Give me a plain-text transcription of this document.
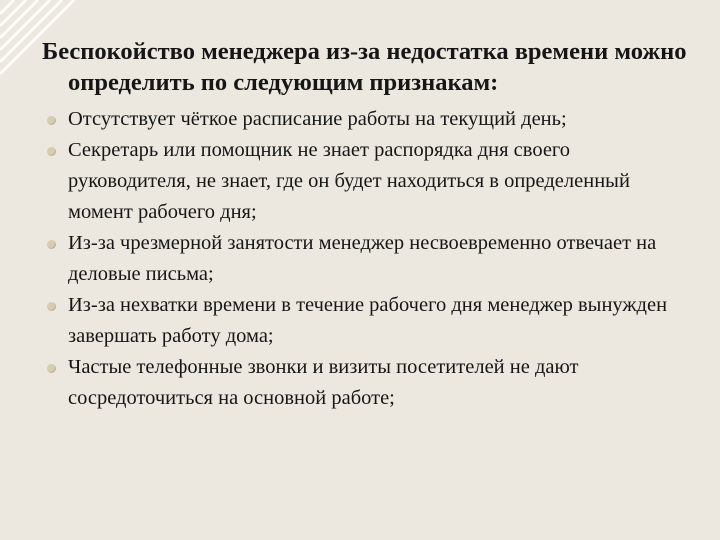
Беспокойство менеджера из-за недостатка времени можно определить по следующим признакам:

Отсутствует чёткое расписание работы на текущий день;
Секретарь или помощник не знает распорядка дня своего руководителя, не знает, где он будет находиться в определенный момент рабочего дня;
Из-за чрезмерной занятости менеджер несвоевременно отвечает на деловые письма;
Из-за нехватки времени в течение рабочего дня менеджер вынужден завершать работу дома;
Частые телефонные звонки и визиты посетителей не дают сосредоточиться на основной работе;
